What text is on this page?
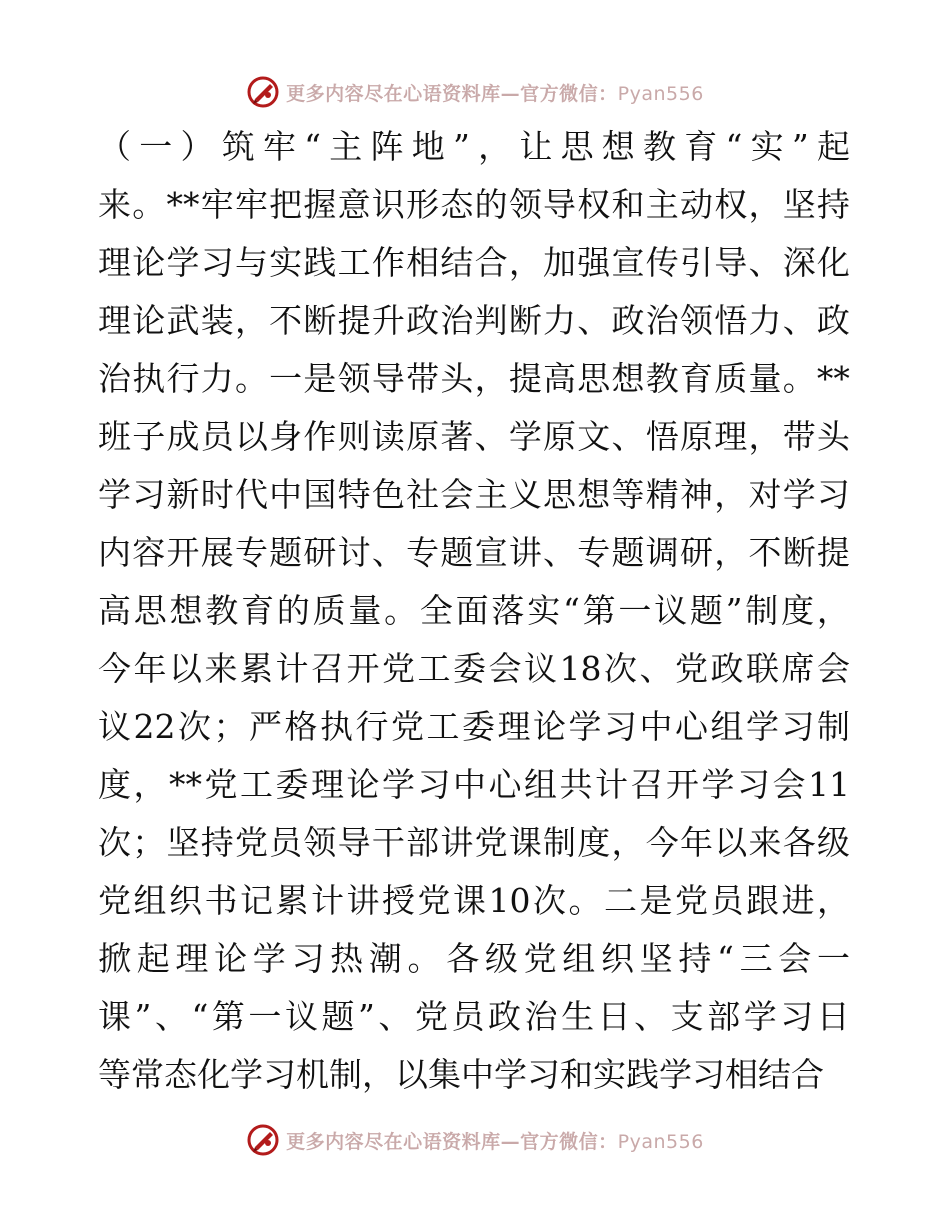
更多内容尽在心语资料库—官方微信：Pyan556
（ 一 ） 筑 牢 “ 主 阵 地 ” ， 让 思 想 教 育 “ 实 ” 起
来 。 ** 牢 牢 把 握 意 识 形 态 的 领 导 权 和 主 动 权 ， 坚 持
理 论 学 习 与 实 践 工 作 相 结 合 ， 加 强 宣 传 引 导 、 深 化
理 论 武 装 ， 不 断 提 升 政 治 判 断 力 、 政 治 领 悟 力 、 政
治 执 行 力 。 一 是 领 导 带 头 ， 提 高 思 想 教 育 质 量 。 **
班 子 成 员 以 身 作 则 读 原 著 、 学 原 文 、 悟 原 理 ， 带 头
学 习 新 时 代 中 国 特 色 社 会 主 义 思 想 等 精 神 ， 对 学 习
内 容 开 展 专 题 研 讨 、 专 题 宣 讲 、 专 题 调 研 ， 不 断 提
高 思 想 教 育 的 质 量 。 全 面 落 实 “ 第 一 议 题 ” 制 度 ，
今 年 以 来 累 计 召 开 党 工 委 会 议 18 次 、 党 政 联 席 会
议 22 次 ； 严 格 执 行 党 工 委 理 论 学 习 中 心 组 学 习 制
度 ， ** 党 工 委 理 论 学 习 中 心 组 共 计 召 开 学 习 会 11
次 ； 坚 持 党 员 领 导 干 部 讲 党 课 制 度 ， 今 年 以 来 各 级
党 组 织 书 记 累 计 讲 授 党 课 10 次 。 二 是 党 员 跟 进 ，
掀 起 理 论 学 习 热 潮 。 各 级 党 组 织 坚 持 “ 三 会 一
课 ” 、 “ 第 一 议 题 ” 、 党 员 政 治 生 日 、 支 部 学 习 日
等 常 态 化 学 习 机 制 ， 以 集 中 学 习 和 实 践 学 习 相 结 合
更多内容尽在心语资料库—官方微信：Pyan556
